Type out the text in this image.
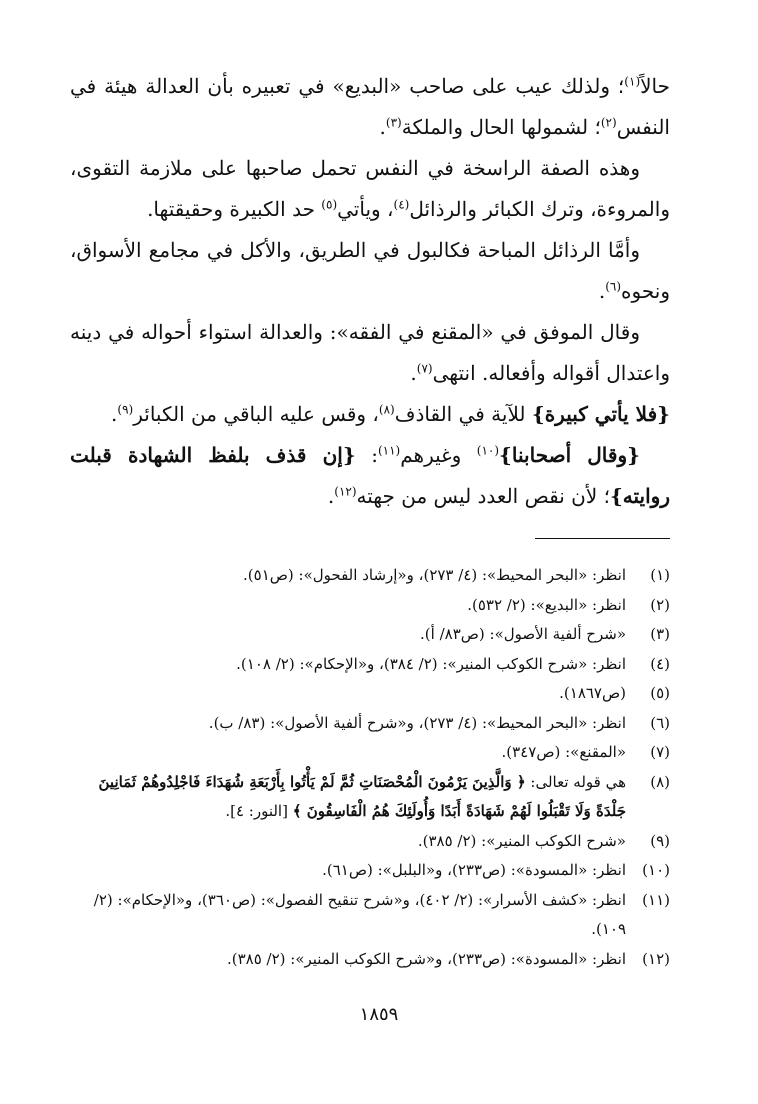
حالاً$^{(١)}$؛ ولذلك عيب على صاحب «البديع» في تعبيره بأن العدالة هيئة في النفس$^{(٢)}$؛ لشمولها الحال والملكة$^{(٣)}$.

وهذه الصفة الراسخة في النفس تحمل صاحبها على ملازمة التقوى، والمروءة، وترك الكبائر والرذائل$^{(٤)}$، ويأتي$^{(٥)}$ حد الكبيرة وحقيقتها.

وأمَّا الرذائل المباحة فكالبول في الطريق، والأكل في مجامع الأسواق، ونحوه$^{(٦)}$.

وقال الموفق في «المقنع في الفقه»: والعدالة استواء أحواله في دينه واعتدال أقواله وأفعاله. انتهى$^{(٧)}$.

{فلا يأتي كبيرة} للآية في القاذف$^{(٨)}$، وقس عليه الباقي من الكبائر$^{(٩)}$.

{وقال أصحابنا}$^{(١٠)}$ وغيرهم$^{(١١)}$: {إن قذف بلفظ الشهادة قبلت روايته}؛ لأن نقص العدد ليس من جهته$^{(١٢)}$.

(١)
انظر: «البحر المحيط»: (٤/ ٢٧٣)، و«إرشاد الفحول»: (ص٥١).
(٢)
انظر: «البديع»: (٢/ ٥٣٢).
(٣)
«شرح ألفية الأصول»: (ص٨٣/ أ).
(٤)
انظر: «شرح الكوكب المنير»: (٢/ ٣٨٤)، و«الإحكام»: (٢/ ١٠٨).
(٥)
(ص١٨٦٧).
(٦)
انظر: «البحر المحيط»: (٤/ ٢٧٣)، و«شرح ألفية الأصول»: (٨٣/ ب).
(٧)
«المقنع»: (ص٣٤٧).
(٨)
هي قوله تعالى: ﴿ وَالَّذِينَ يَرْمُونَ الْمُحْصَنَاتِ ثُمَّ لَمْ يَأْتُوا بِأَرْبَعَةِ شُهَدَاءَ فَاجْلِدُوهُمْ ثَمَانِينَ جَلْدَةً وَلَا تَقْبَلُوا لَهُمْ شَهَادَةً أَبَدًا وَأُولَئِكَ هُمُ الْفَاسِقُونَ ﴾ [النور: ٤].
(٩)
«شرح الكوكب المنير»: (٢/ ٣٨٥).
(١٠)
انظر: «المسودة»: (ص٢٣٣)، و«البلبل»: (ص٦١).
(١١)
انظر: «كشف الأسرار»: (٢/ ٤٠٢)، و«شرح تنقيح الفصول»: (ص٣٦٠)، و«الإحكام»: (٢/ ١٠٩).
(١٢)
انظر: «المسودة»: (ص٢٣٣)، و«شرح الكوكب المنير»: (٢/ ٣٨٥).
١٨٥٩
